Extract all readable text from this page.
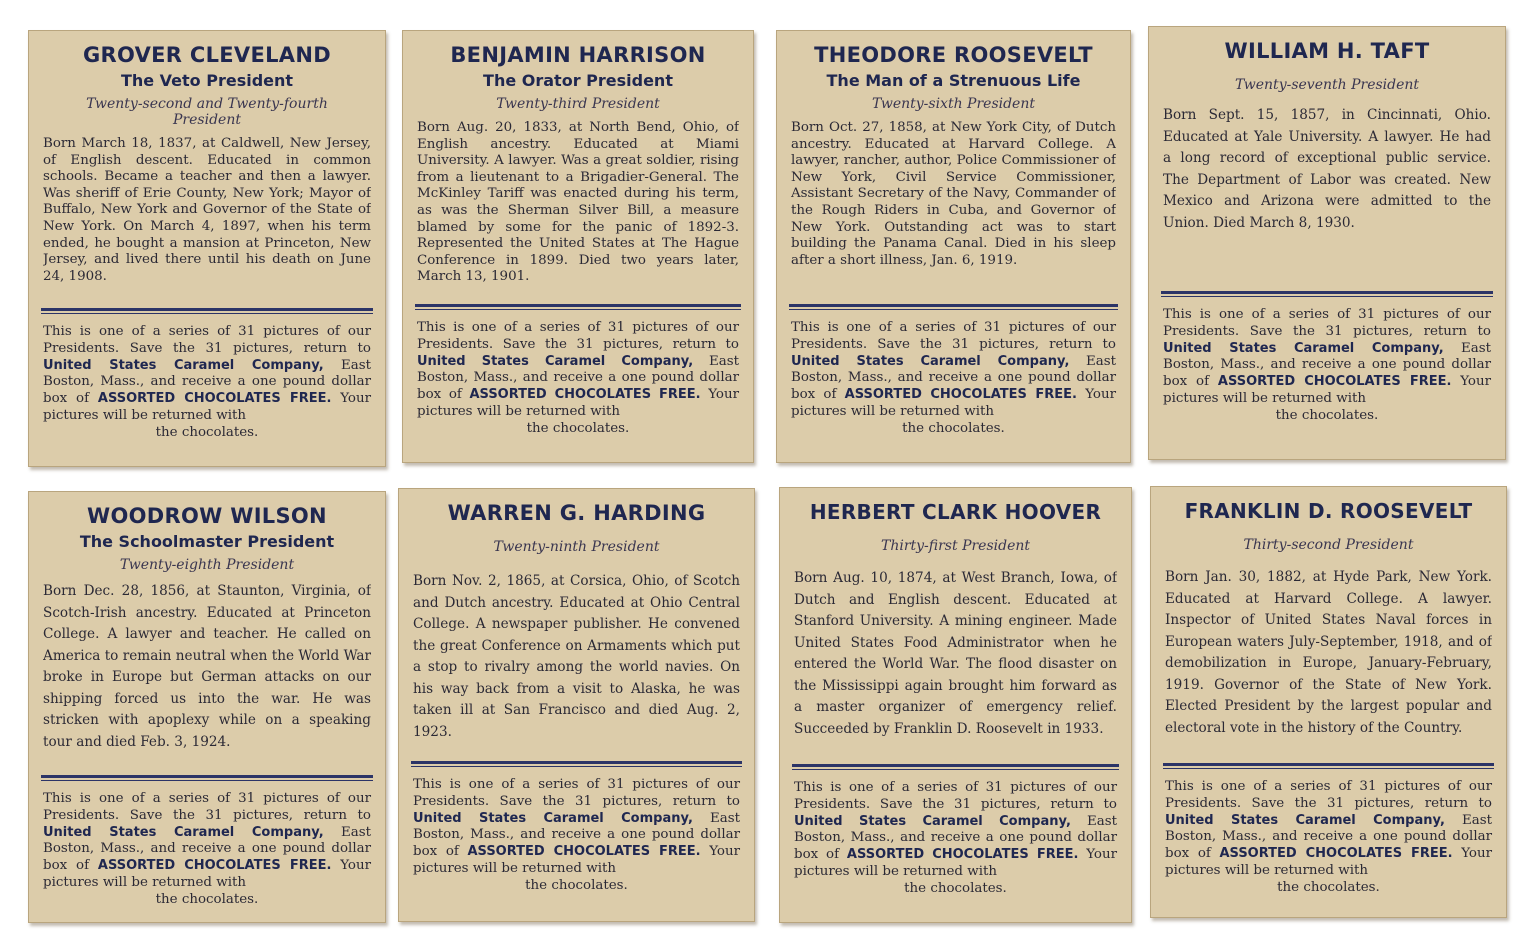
GROVER CLEVELAND
The Veto President
Twenty-second and Twenty-fourth President
Born March 18, 1837, at Caldwell, New Jersey, of English descent. Educated in common schools. Became a teacher and then a lawyer. Was sheriff of Erie County, New York; Mayor of Buffalo, New York and Governor of the State of New York. On March 4, 1897, when his term ended, he bought a mansion at Princeton, New Jersey, and lived there until his death on June 24, 1908.
This is one of a series of 31 pictures of our Presidents. Save the 31 pictures, return to United States Caramel Company, East Boston, Mass., and receive a one pound dollar box of ASSORTED CHOCOLATES FREE. Your pictures will be returned with
the chocolates.
BENJAMIN HARRISON
The Orator President
Twenty-third President
Born Aug. 20, 1833, at North Bend, Ohio, of English ancestry. Educated at Miami University. A lawyer. Was a great soldier, rising from a lieutenant to a Brigadier-General. The McKinley Tariff was enacted during his term, as was the Sherman Silver Bill, a measure blamed by some for the panic of 1892-3. Represented the United States at The Hague Conference in 1899. Died two years later, March 13, 1901.
This is one of a series of 31 pictures of our Presidents. Save the 31 pictures, return to United States Caramel Company, East Boston, Mass., and receive a one pound dollar box of ASSORTED CHOCOLATES FREE. Your pictures will be returned with
the chocolates.
THEODORE ROOSEVELT
The Man of a Strenuous Life
Twenty-sixth President
Born Oct. 27, 1858, at New York City, of Dutch ancestry. Educated at Harvard College. A lawyer, rancher, author, Police Commissioner of New York, Civil Service Commissioner, Assistant Secretary of the Navy, Commander of the Rough Riders in Cuba, and Governor of New York. Outstanding act was to start building the Panama Canal. Died in his sleep after a short illness, Jan. 6, 1919.
This is one of a series of 31 pictures of our Presidents. Save the 31 pictures, return to United States Caramel Company, East Boston, Mass., and receive a one pound dollar box of ASSORTED CHOCOLATES FREE. Your pictures will be returned with
the chocolates.
WILLIAM H. TAFT
Twenty-seventh President
Born Sept. 15, 1857, in Cincinnati, Ohio. Educated at Yale University. A lawyer. He had a long record of exceptional public service. The Department of Labor was created. New Mexico and Arizona were admitted to the Union. Died March 8, 1930.
This is one of a series of 31 pictures of our Presidents. Save the 31 pictures, return to United States Caramel Company, East Boston, Mass., and receive a one pound dollar box of ASSORTED CHOCOLATES FREE. Your pictures will be returned with
the chocolates.
WOODROW WILSON
The Schoolmaster President
Twenty-eighth President
Born Dec. 28, 1856, at Staunton, Virginia, of Scotch-Irish ancestry. Educated at Princeton College. A lawyer and teacher. He called on America to remain neutral when the World War broke in Europe but German attacks on our shipping forced us into the war. He was stricken with apoplexy while on a speaking tour and died Feb. 3, 1924.
This is one of a series of 31 pictures of our Presidents. Save the 31 pictures, return to United States Caramel Company, East Boston, Mass., and receive a one pound dollar box of ASSORTED CHOCOLATES FREE. Your pictures will be returned with
the chocolates.
WARREN G. HARDING
Twenty-ninth President
Born Nov. 2, 1865, at Corsica, Ohio, of Scotch and Dutch ancestry. Educated at Ohio Central College. A newspaper publisher. He convened the great Conference on Armaments which put a stop to rivalry among the world navies. On his way back from a visit to Alaska, he was taken ill at San Francisco and died Aug. 2, 1923.
This is one of a series of 31 pictures of our Presidents. Save the 31 pictures, return to United States Caramel Company, East Boston, Mass., and receive a one pound dollar box of ASSORTED CHOCOLATES FREE. Your pictures will be returned with
the chocolates.
HERBERT CLARK HOOVER
Thirty-first President
Born Aug. 10, 1874, at West Branch, Iowa, of Dutch and English descent. Educated at Stanford University. A mining engineer. Made United States Food Administrator when he entered the World War. The flood disaster on the Mississippi again brought him forward as a master organizer of emergency relief. Succeeded by Franklin D. Roosevelt in 1933.
This is one of a series of 31 pictures of our Presidents. Save the 31 pictures, return to United States Caramel Company, East Boston, Mass., and receive a one pound dollar box of ASSORTED CHOCOLATES FREE. Your pictures will be returned with
the chocolates.
FRANKLIN D. ROOSEVELT
Thirty-second President
Born Jan. 30, 1882, at Hyde Park, New York. Educated at Harvard College. A lawyer. Inspector of United States Naval forces in European waters July-September, 1918, and of demobilization in Europe, January-February, 1919. Governor of the State of New York. Elected President by the largest popular and electoral vote in the history of the Country.
This is one of a series of 31 pictures of our Presidents. Save the 31 pictures, return to United States Caramel Company, East Boston, Mass., and receive a one pound dollar box of ASSORTED CHOCOLATES FREE. Your pictures will be returned with
the chocolates.
